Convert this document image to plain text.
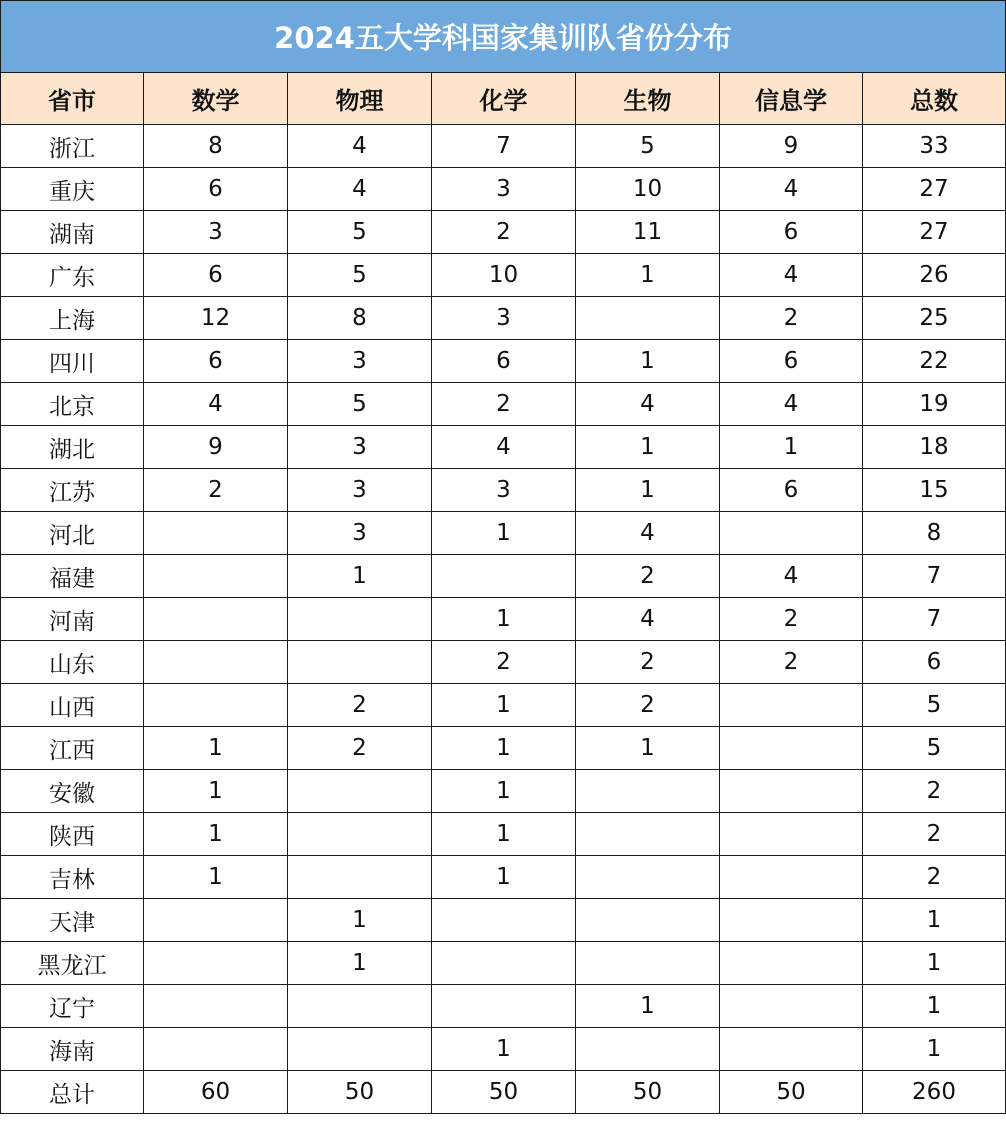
2024五大学科国家集训队省份分布						
省市	数学	物理	化学	生物	信息学	总数
浙江	8	4	7	5	9	33
重庆	6	4	3	10	4	27
湖南	3	5	2	11	6	27
广东	6	5	10	1	4	26
上海	12	8	3		2	25
四川	6	3	6	1	6	22
北京	4	5	2	4	4	19
湖北	9	3	4	1	1	18
江苏	2	3	3	1	6	15
河北		3	1	4		8
福建		1		2	4	7
河南			1	4	2	7
山东			2	2	2	6
山西		2	1	2		5
江西	1	2	1	1		5
安徽	1		1			2
陕西	1		1			2
吉林	1		1			2
天津		1				1
黑龙江		1				1
辽宁				1		1
海南			1			1
总计	60	50	50	50	50	260
